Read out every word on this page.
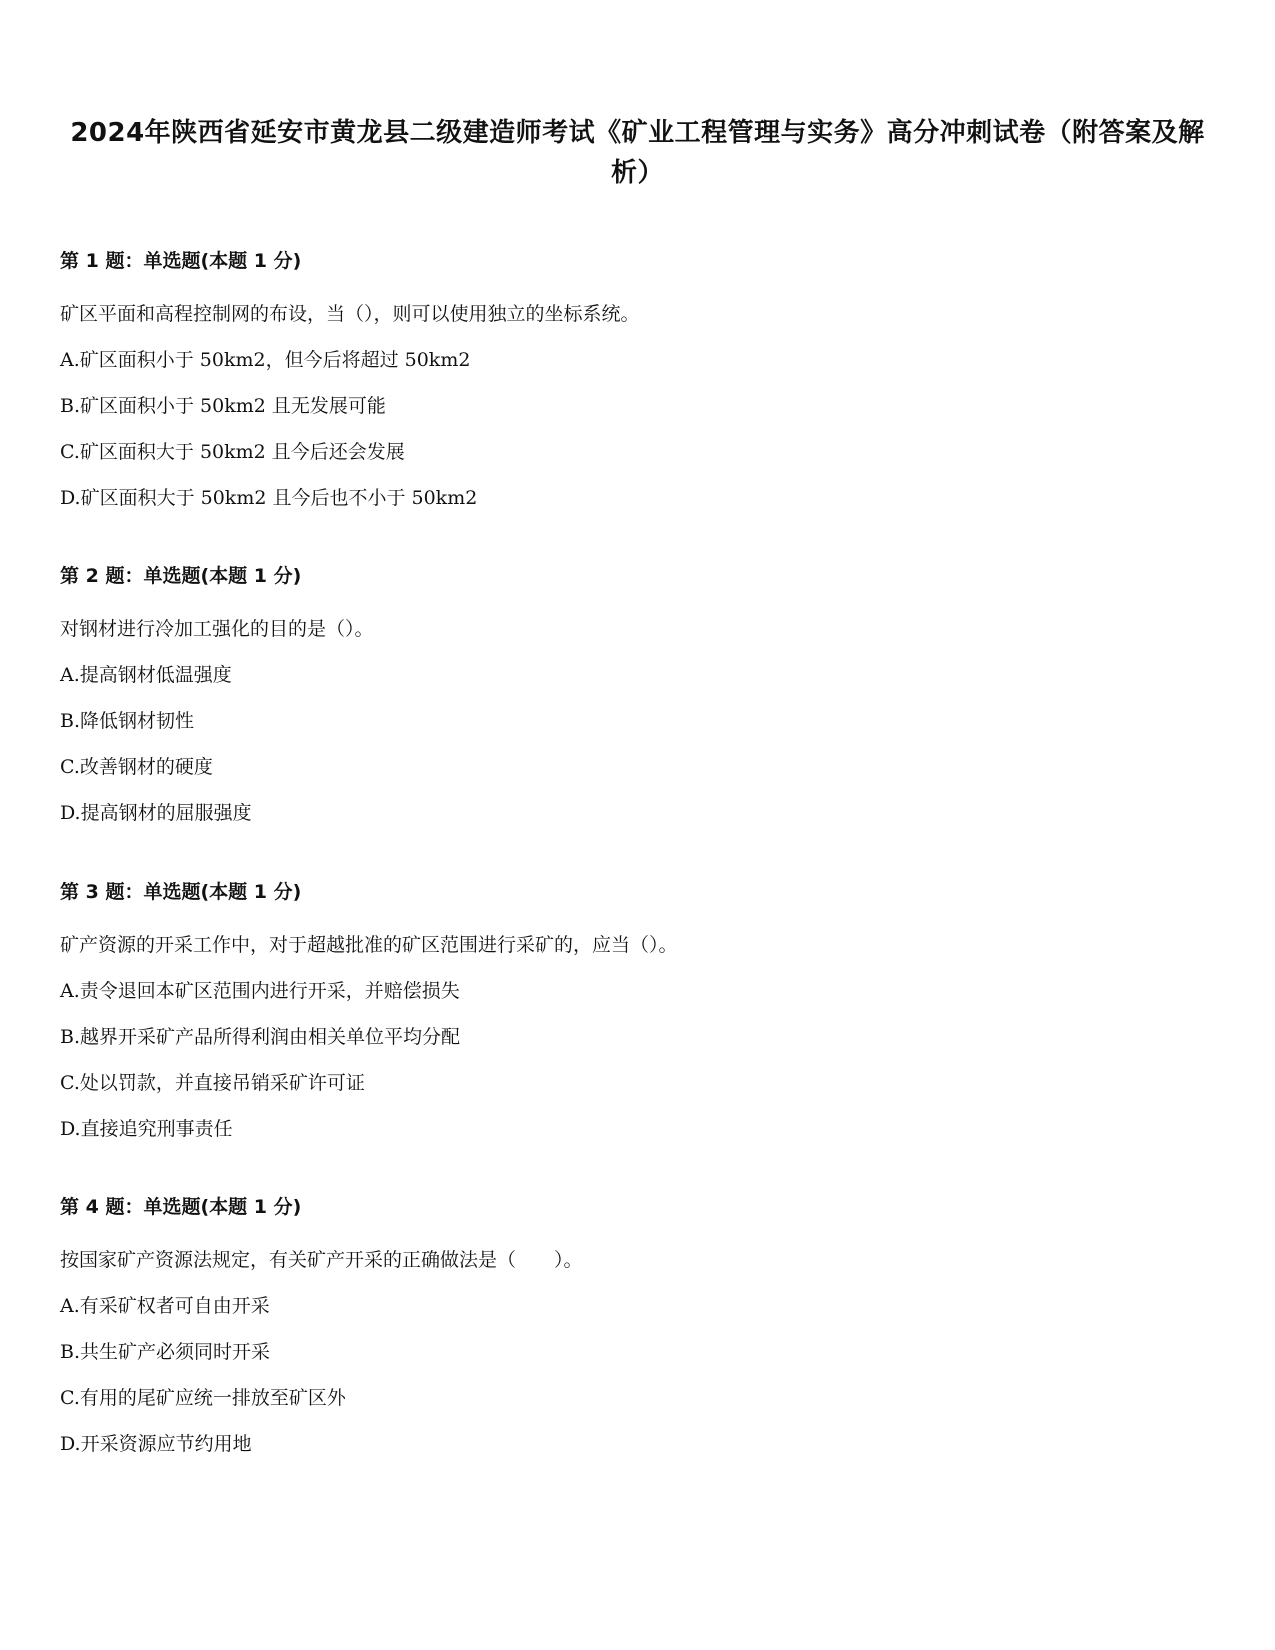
2024年陕西省延安市黄龙县二级建造师考试《矿业工程管理与实务》高分冲刺试卷（附答案及解析）

第 1 题：单选题(本题 1 分)

矿区平面和高程控制网的布设，当（），则可以使用独立的坐标系统。

A.矿区面积小于 50km2，但今后将超过 50km2

B.矿区面积小于 50km2 且无发展可能

C.矿区面积大于 50km2 且今后还会发展

D.矿区面积大于 50km2 且今后也不小于 50km2

第 2 题：单选题(本题 1 分)

对钢材进行冷加工强化的目的是（）。

A.提高钢材低温强度

B.降低钢材韧性

C.改善钢材的硬度

D.提高钢材的屈服强度

第 3 题：单选题(本题 1 分)

矿产资源的开采工作中，对于超越批准的矿区范围进行采矿的，应当（）。

A.责令退回本矿区范围内进行开采，并赔偿损失

B.越界开采矿产品所得利润由相关单位平均分配

C.处以罚款，并直接吊销采矿许可证

D.直接追究刑事责任

第 4 题：单选题(本题 1 分)

按国家矿产资源法规定，有关矿产开采的正确做法是（　　）。

A.有采矿权者可自由开采

B.共生矿产必须同时开采

C.有用的尾矿应统一排放至矿区外

D.开采资源应节约用地
